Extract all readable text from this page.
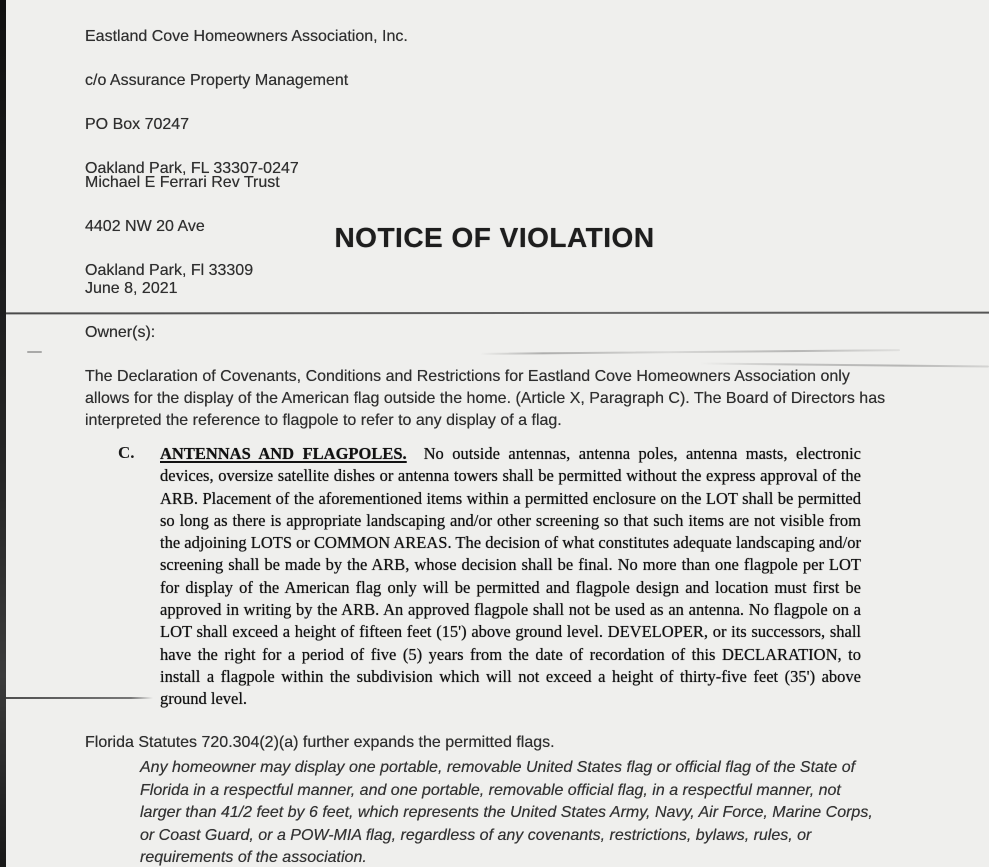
Eastland Cove Homeowners Association, Inc.

c/o Assurance Property Management

PO Box 70247

Oakland Park, FL 33307-0247

Michael E Ferrari Rev Trust

4402 NW 20 Ave

Oakland Park, Fl 33309

NOTICE OF VIOLATION
June 8, 2021
Owner(s):
The Declaration of Covenants, Conditions and Restrictions for Eastland Cove Homeowners Association only allows for the display of the American flag outside the home. (Article X, Paragraph C). The Board of Directors has interpreted the reference to flagpole to refer to any display of a flag.
C. ANTENNAS AND FLAGPOLES.  No outside antennas, antenna poles, antenna masts, electronic devices, oversize satellite dishes or antenna towers shall be permitted without the express approval of the ARB. Placement of the aforementioned items within a permitted enclosure on the LOT shall be permitted so long as there is appropriate landscaping and/or other screening so that such items are not visible from the adjoining LOTS or COMMON AREAS. The decision of what constitutes adequate landscaping and/or screening shall be made by the ARB, whose decision shall be final. No more than one flagpole per LOT for display of the American flag only will be permitted and flagpole design and location must first be approved in writing by the ARB. An approved flagpole shall not be used as an antenna. No flagpole on a LOT shall exceed a height of fifteen feet (15') above ground level. DEVELOPER, or its successors, shall have the right for a period of five (5) years from the date of recordation of this DECLARATION, to install a flagpole within the subdivision which will not exceed a height of thirty-five feet (35') above ground level.
Florida Statutes 720.304(2)(a) further expands the permitted flags.
Any homeowner may display one portable, removable United States flag or official flag of the State of Florida in a respectful manner, and one portable, removable official flag, in a respectful manner, not larger than 41/2 feet by 6 feet, which represents the United States Army, Navy, Air Force, Marine Corps, or Coast Guard, or a POW-MIA flag, regardless of any covenants, restrictions, bylaws, rules, or requirements of the association.
